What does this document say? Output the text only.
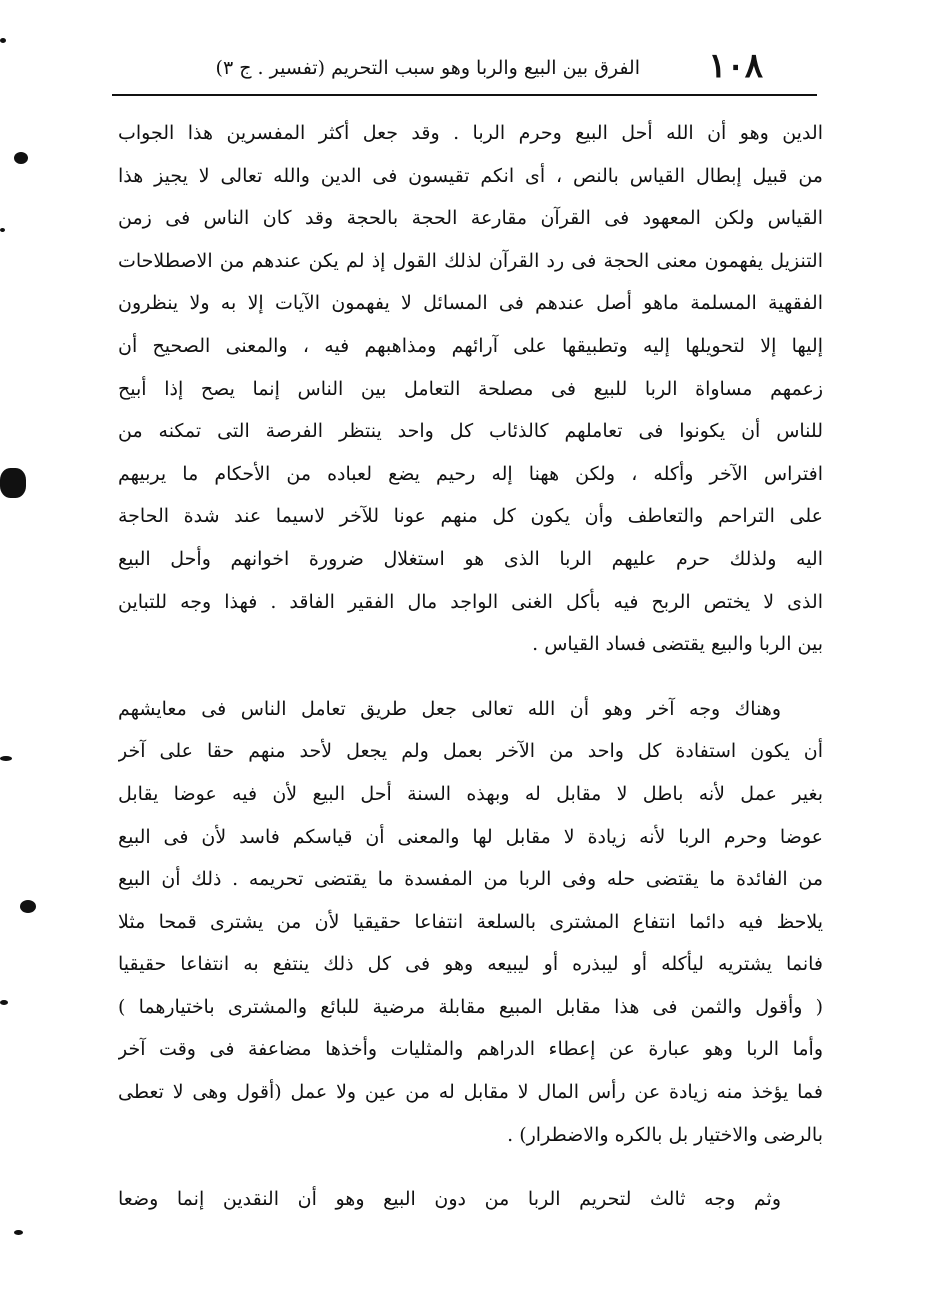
١٠٨
الفرق بين البيع والربا وهو سبب التحريم (تفسير . ج ٣)
الدين وهو أن الله أحل البيع وحرم الربا . وقد جعل أكثر المفسرين هذا الجواب
من قبيل إبطال القياس بالنص ، أى انكم تقيسون فى الدين والله تعالى لا يجيز هذا
القياس ولكن المعهود فى القرآن مقارعة الحجة بالحجة وقد كان الناس فى زمن
التنزيل يفهمون معنى الحجة فى رد القرآن لذلك القول إذ لم يكن عندهم من الاصطلاحات
الفقهية المسلمة ماهو أصل عندهم فى المسائل لا يفهمون الآيات إلا به ولا ينظرون
إليها إلا لتحويلها إليه وتطبيقها على آرائهم ومذاهبهم فيه ، والمعنى الصحيح أن
زعمهم مساواة الربا للبيع فى مصلحة التعامل بين الناس إنما يصح إذا أبيح
للناس أن يكونوا فى تعاملهم كالذئاب كل واحد ينتظر الفرصة التى تمكنه من
افتراس الآخر وأكله ، ولكن ههنا إله رحيم يضع لعباده من الأحكام ما يربيهم
على التراحم والتعاطف وأن يكون كل منهم عونا للآخر لاسيما عند شدة الحاجة
اليه ولذلك حرم عليهم الربا الذى هو استغلال ضرورة اخوانهم وأحل البيع
الذى لا يختص الربح فيه بأكل الغنى الواجد مال الفقير الفاقد . فهذا وجه للتباين
بين الربا والبيع يقتضى فساد القياس .
وهناك وجه آخر وهو أن الله تعالى جعل طريق تعامل الناس فى معايشهم
أن يكون استفادة كل واحد من الآخر بعمل ولم يجعل لأحد منهم حقا على آخر
بغير عمل لأنه باطل لا مقابل له وبهذه السنة أحل البيع لأن فيه عوضا يقابل
عوضا وحرم الربا لأنه زيادة لا مقابل لها والمعنى أن قياسكم فاسد لأن فى البيع
من الفائدة ما يقتضى حله وفى الربا من المفسدة ما يقتضى تحريمه . ذلك أن البيع
يلاحظ فيه دائما انتفاع المشترى بالسلعة انتفاعا حقيقيا لأن من يشترى قمحا مثلا
فانما يشتريه ليأكله أو ليبذره أو ليبيعه وهو فى كل ذلك ينتفع به انتفاعا حقيقيا
( وأقول والثمن فى هذا مقابل المبيع مقابلة مرضية للبائع والمشترى باختيارهما )
وأما الربا وهو عبارة عن إعطاء الدراهم والمثليات وأخذها مضاعفة فى وقت آخر
فما يؤخذ منه زيادة عن رأس المال لا مقابل له من عين ولا عمل (أقول وهى لا تعطى
بالرضى والاختيار بل بالكره والاضطرار) .
وثم وجه ثالث لتحريم الربا من دون البيع وهو أن النقدين إنما وضعا
